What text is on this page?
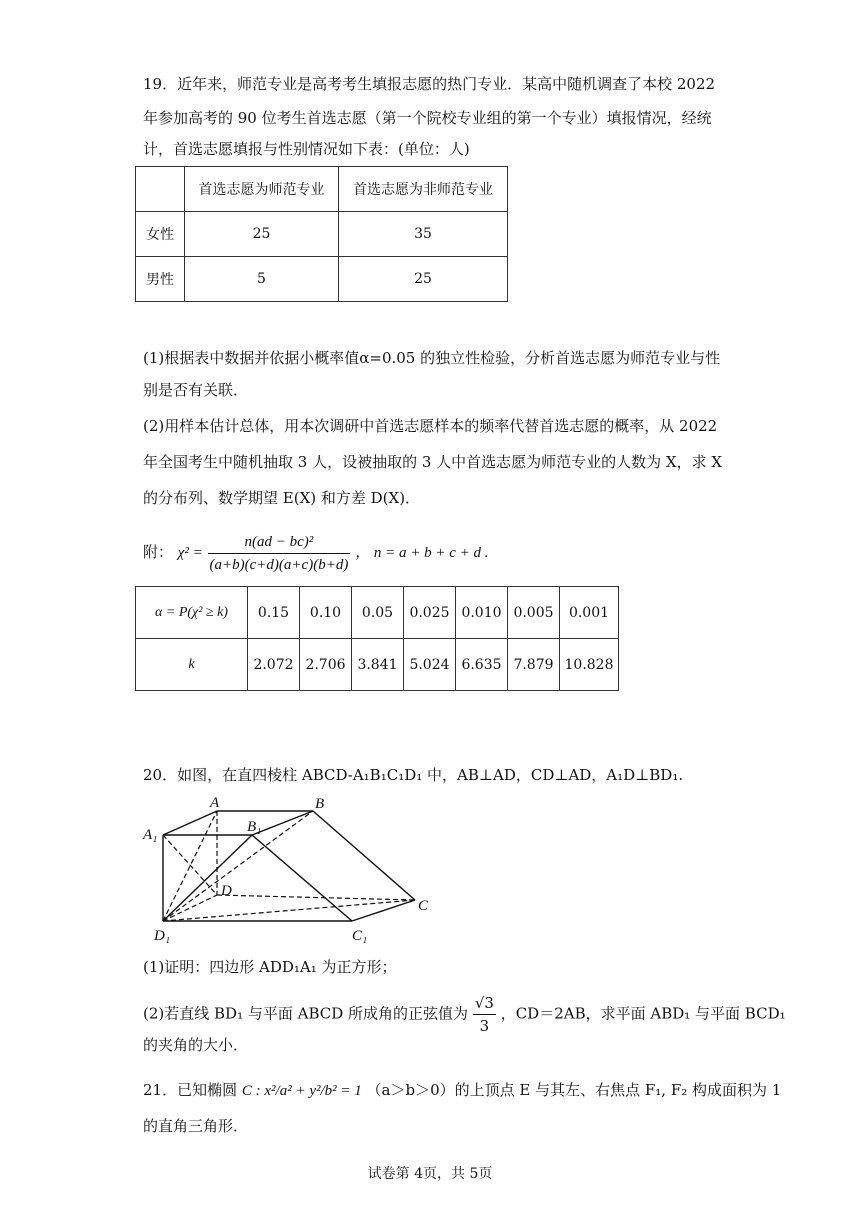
19．近年来，师范专业是高考考生填报志愿的热门专业．某高中随机调查了本校 2022
年参加高考的 90 位考生首选志愿（第一个院校专业组的第一个专业）填报情况，经统
计，首选志愿填报与性别情况如下表：(单位：人)
	首选志愿为师范专业	首选志愿为非师范专业
女性	25	35
男性	5	25
(1)根据表中数据并依据小概率值α=0.05 的独立性检验，分析首选志愿为师范专业与性
别是否有关联．
(2)用样本估计总体，用本次调研中首选志愿样本的频率代替首选志愿的概率，从 2022
年全国考生中随机抽取 3 人，设被抽取的 3 人中首选志愿为师范专业的人数为 X，求 X
的分布列、数学期望 E(X) 和方差 D(X)．
附： $\chi^2 = \frac{\text{n(ad − bc)²}}{(a+b)(c+d)(a+c)(b+d)}$ ， n = a + b + c + d .
α = P(χ² ≥ k)	0.15	0.10	0.05	0.025	0.010	0.005	0.001
k	2.072	2.706	3.841	5.024	6.635	7.879	10.828
20．如图，在直四棱柱 ABCD-A₁B₁C₁D₁ 中，AB⊥AD，CD⊥AD，A₁D⊥BD₁.
A	B
A₁	B₁
D
C
D₁	C₁
(1)证明：四边形 ADD₁A₁ 为正方形；
(2)若直线 BD₁ 与平面 ABCD 所成角的正弦值为 $\frac{√3}{3}$ ，CD＝2AB，求平面 ABD₁ 与平面 BCD₁
的夹角的大小．
21．已知椭圆 C : x²/a² + y²/b² = 1 （a＞b＞0）的上顶点 E 与其左、右焦点 F₁, F₂ 构成面积为 1
的直角三角形．
试卷第 4页，共 5页
